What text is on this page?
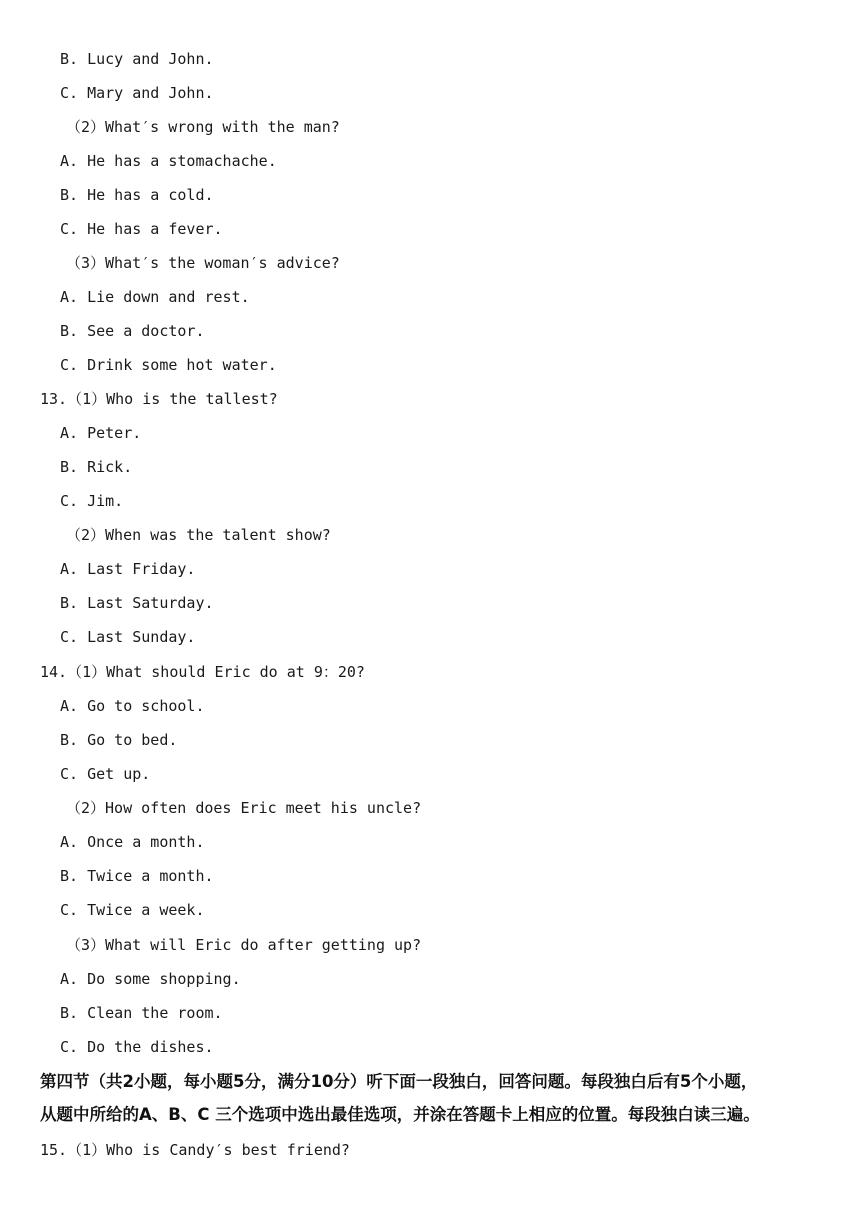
B. Lucy and John.
C. Mary and John.
（2）What′s wrong with the man?
A. He has a stomachache.
B. He has a cold.
C. He has a fever.
（3）What′s the woman′s advice?
A. Lie down and rest.
B. See a doctor.
C. Drink some hot water.
13.（1）Who is the tallest?
A. Peter.
B. Rick.
C. Jim.
（2）When was the talent show?
A. Last Friday.
B. Last Saturday.
C. Last Sunday.
14.（1）What should Eric do at 9：20?
A. Go to school.
B. Go to bed.
C. Get up.
（2）How often does Eric meet his uncle?
A. Once a month.
B. Twice a month.
C. Twice a week.
（3）What will Eric do after getting up?
A. Do some shopping.
B. Clean the room.
C. Do the dishes.
第四节（共2小题，每小题5分，满分10分）听下面一段独白，回答问题。每段独白后有5个小题，
从题中所给的A、B、C 三个选项中选出最佳选项，并涂在答题卡上相应的位置。每段独白读三遍。
15.（1）Who is Candy′s best friend?
